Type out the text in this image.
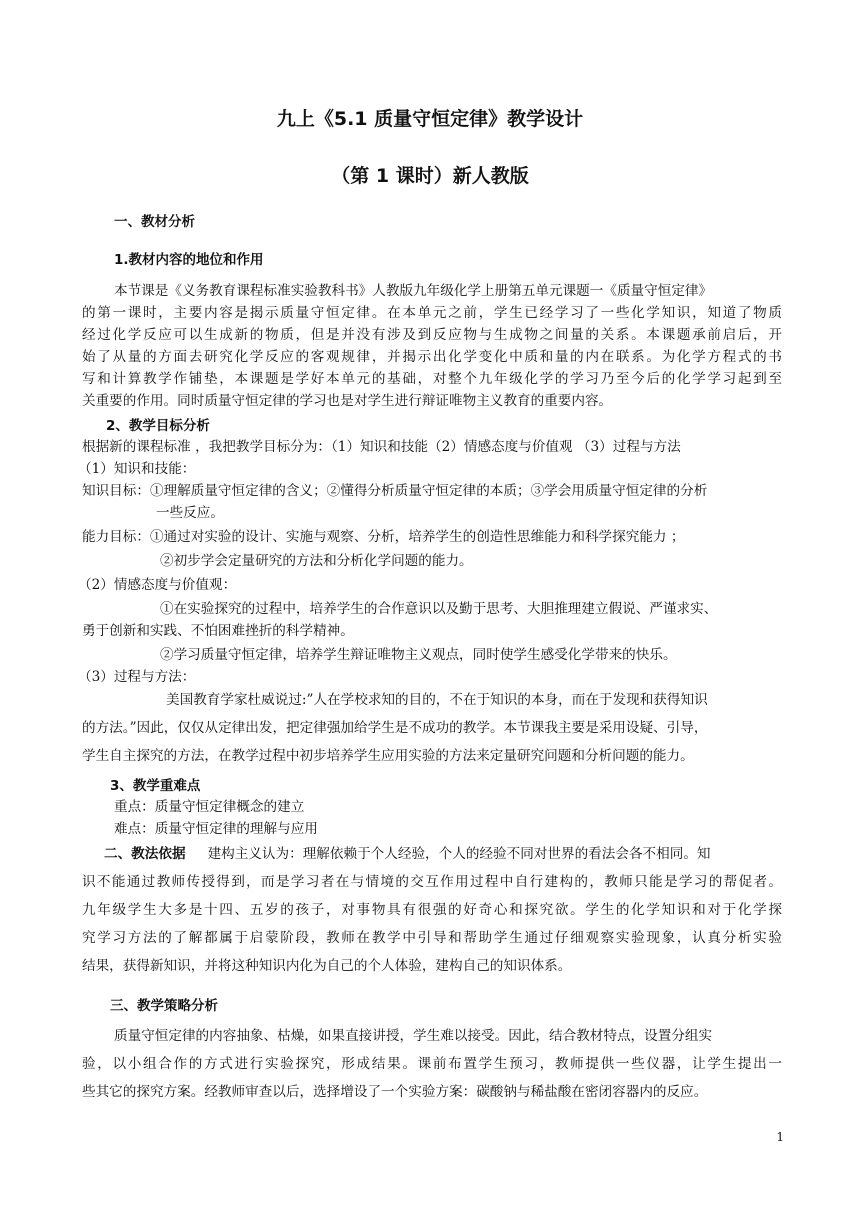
九上《5.1 质量守恒定律》教学设计
（第 1 课时）新人教版
一、教材分析
1.教材内容的地位和作用
本节课是《义务教育课程标准实验教科书》人教版九年级化学上册第五单元课题一《质量守恒定律》
的第一课时，主要内容是揭示质量守恒定律。在本单元之前，学生已经学习了一些化学知识，知道了物质
经过化学反应可以生成新的物质，但是并没有涉及到反应物与生成物之间量的关系。本课题承前启后，开
始了从量的方面去研究化学反应的客观规律，并揭示出化学变化中质和量的内在联系。为化学方程式的书
写和计算教学作铺垫，本课题是学好本单元的基础，对整个九年级化学的学习乃至今后的化学学习起到至
关重要的作用。同时质量守恒定律的学习也是对学生进行辩证唯物主义教育的重要内容。
2、教学目标分析
根据新的课程标准 ，我把教学目标分为：（1）知识和技能（2）情感态度与价值观 （3）过程与方法
（1）知识和技能：
知识目标：①理解质量守恒定律的含义；②懂得分析质量守恒定律的本质；③学会用质量守恒定律的分析
一些反应。
能力目标：①通过对实验的设计、实施与观察、分析，培养学生的创造性思维能力和科学探究能力 ；
②初步学会定量研究的方法和分析化学问题的能力。
（2）情感态度与价值观：
①在实验探究的过程中，培养学生的合作意识以及勤于思考、大胆推理建立假说、严谨求实、
勇于创新和实践、不怕困难挫折的科学精神。
②学习质量守恒定律，培养学生辩证唯物主义观点，同时使学生感受化学带来的快乐。
（3）过程与方法：
美国教育学家杜威说过:”人在学校求知的目的，不在于知识的本身，而在于发现和获得知识
的方法。”因此，仅仅从定律出发，把定律强加给学生是不成功的教学。本节课我主要是采用设疑、引导，
学生自主探究的方法，在教学过程中初步培养学生应用实验的方法来定量研究问题和分析问题的能力。
3、教学重难点
重点：质量守恒定律概念的建立
难点：质量守恒定律的理解与应用
二、教法依据 建构主义认为：理解依赖于个人经验，个人的经验不同对世界的看法会各不相同。知
识不能通过教师传授得到，而是学习者在与情境的交互作用过程中自行建构的，教师只能是学习的帮促者。
九年级学生大多是十四、五岁的孩子，对事物具有很强的好奇心和探究欲。学生的化学知识和对于化学探
究学习方法的了解都属于启蒙阶段，教师在教学中引导和帮助学生通过仔细观察实验现象，认真分析实验
结果，获得新知识，并将这种知识内化为自己的个人体验，建构自己的知识体系。
三、教学策略分析
质量守恒定律的内容抽象、枯燥，如果直接讲授，学生难以接受。因此，结合教材特点，设置分组实
验，以小组合作的方式进行实验探究，形成结果。课前布置学生预习，教师提供一些仪器，让学生提出一
些其它的探究方案。经教师审查以后，选择增设了一个实验方案：碳酸钠与稀盐酸在密闭容器内的反应。
1
